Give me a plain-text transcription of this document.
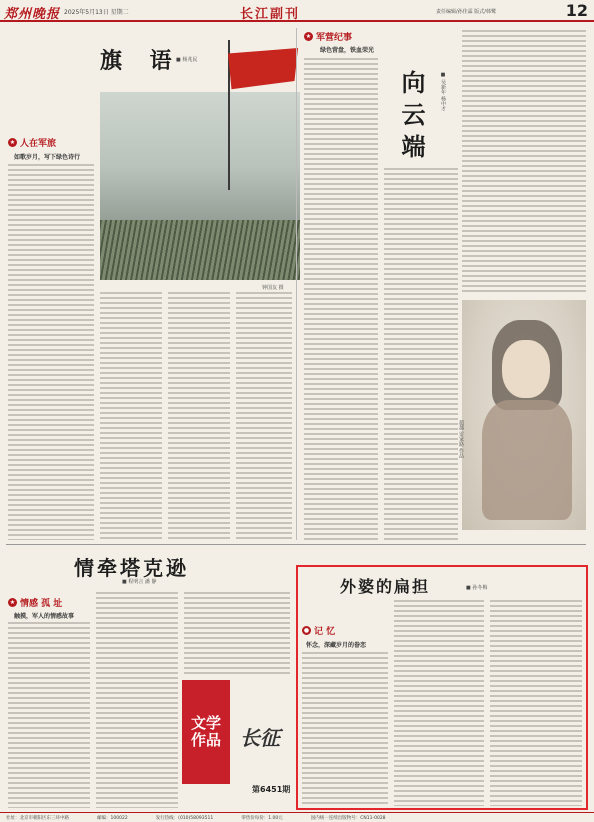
郑州晚报 2025年5月13日 星期二	长江副刊	责任编辑/孙佳霖 版式/韩鹭	12
旗 语
■ 杨兆民
★ 人在军旅
如歌岁月，写下绿色诗行
钟国友 摄
★ 军营纪事
绿色营盘，铁血荣光
向云端	■ 吴新年 杨中才
超越 雷家路 作品
情牵塔克逊
■ 程明言 潘 静
★ 情感 孤 址
触摸，军人的情感故事
文学
作品 长征
第6451期
外婆的扁担	■ 孙冬梅
● 记 忆
怀念，深藏岁月的眷恋
社址：北京市朝阳区东三环中路	邮编：100022	发行热线：(010)58093511	零售价每份：1.00元	国内统一连续出版物号：CN11-0028
